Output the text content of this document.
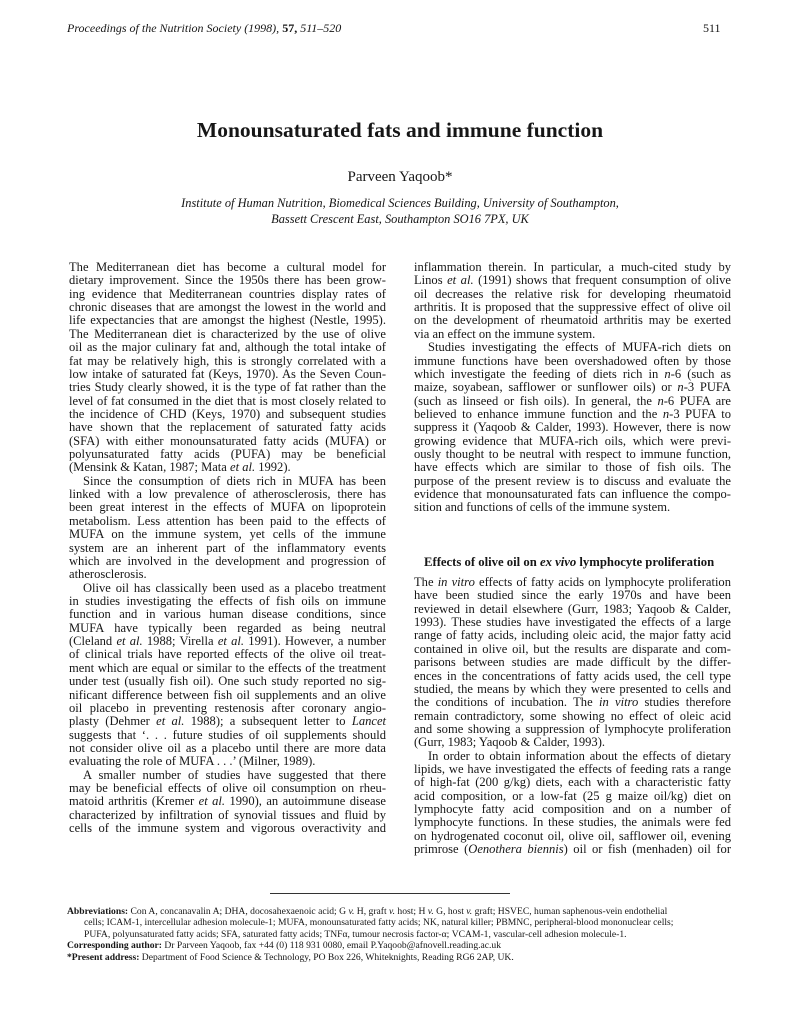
Proceedings of the Nutrition Society (1998), 57, 511–520	511
Monounsaturated fats and immune function
Parveen Yaqoob*
Institute of Human Nutrition, Biomedical Sciences Building, University of Southampton,
Bassett Crescent East, Southampton SO16 7PX, UK
The Mediterranean diet has become a cultural model for
dietary improvement. Since the 1950s there has been grow-
ing evidence that Mediterranean countries display rates of
chronic diseases that are amongst the lowest in the world and
life expectancies that are amongst the highest (Nestle, 1995).
The Mediterranean diet is characterized by the use of olive
oil as the major culinary fat and, although the total intake of
fat may be relatively high, this is strongly correlated with a
low intake of saturated fat (Keys, 1970). As the Seven Coun-
tries Study clearly showed, it is the type of fat rather than the
level of fat consumed in the diet that is most closely related to
the incidence of CHD (Keys, 1970) and subsequent studies
have shown that the replacement of saturated fatty acids
(SFA) with either monounsaturated fatty acids (MUFA) or
polyunsaturated fatty acids (PUFA) may be beneficial
(Mensink & Katan, 1987; Mata et al. 1992).
Since the consumption of diets rich in MUFA has been
linked with a low prevalence of atherosclerosis, there has
been great interest in the effects of MUFA on lipoprotein
metabolism. Less attention has been paid to the effects of
MUFA on the immune system, yet cells of the immune
system are an inherent part of the inflammatory events
which are involved in the development and progression of
atherosclerosis.
Olive oil has classically been used as a placebo treatment
in studies investigating the effects of fish oils on immune
function and in various human disease conditions, since
MUFA have typically been regarded as being neutral
(Cleland et al. 1988; Virella et al. 1991). However, a number
of clinical trials have reported effects of the olive oil treat-
ment which are equal or similar to the effects of the treatment
under test (usually fish oil). One such study reported no sig-
nificant difference between fish oil supplements and an olive
oil placebo in preventing restenosis after coronary angio-
plasty (Dehmer et al. 1988); a subsequent letter to Lancet
suggests that ‘. . . future studies of oil supplements should
not consider olive oil as a placebo until there are more data
evaluating the role of MUFA . . .’ (Milner, 1989).
A smaller number of studies have suggested that there
may be beneficial effects of olive oil consumption on rheu-
matoid arthritis (Kremer et al. 1990), an autoimmune disease
characterized by infiltration of synovial tissues and fluid by
cells of the immune system and vigorous overactivity and
inflammation therein. In particular, a much-cited study by
Linos et al. (1991) shows that frequent consumption of olive
oil decreases the relative risk for developing rheumatoid
arthritis. It is proposed that the suppressive effect of olive oil
on the development of rheumatoid arthritis may be exerted
via an effect on the immune system.
Studies investigating the effects of MUFA-rich diets on
immune functions have been overshadowed often by those
which investigate the feeding of diets rich in n-6 (such as
maize, soyabean, safflower or sunflower oils) or n-3 PUFA
(such as linseed or fish oils). In general, the n-6 PUFA are
believed to enhance immune function and the n-3 PUFA to
suppress it (Yaqoob & Calder, 1993). However, there is now
growing evidence that MUFA-rich oils, which were previ-
ously thought to be neutral with respect to immune function,
have effects which are similar to those of fish oils. The
purpose of the present review is to discuss and evaluate the
evidence that monounsaturated fats can influence the compo-
sition and functions of cells of the immune system.
Effects of olive oil on ex vivo lymphocyte proliferation
The in vitro effects of fatty acids on lymphocyte proliferation
have been studied since the early 1970s and have been
reviewed in detail elsewhere (Gurr, 1983; Yaqoob & Calder,
1993). These studies have investigated the effects of a large
range of fatty acids, including oleic acid, the major fatty acid
contained in olive oil, but the results are disparate and com-
parisons between studies are made difficult by the differ-
ences in the concentrations of fatty acids used, the cell type
studied, the means by which they were presented to cells and
the conditions of incubation. The in vitro studies therefore
remain contradictory, some showing no effect of oleic acid
and some showing a suppression of lymphocyte proliferation
(Gurr, 1983; Yaqoob & Calder, 1993).
In order to obtain information about the effects of dietary
lipids, we have investigated the effects of feeding rats a range
of high-fat (200 g/kg) diets, each with a characteristic fatty
acid composition, or a low-fat (25 g maize oil/kg) diet on
lymphocyte fatty acid composition and on a number of
lymphocyte functions. In these studies, the animals were fed
on hydrogenated coconut oil, olive oil, safflower oil, evening
primrose (Oenothera biennis) oil or fish (menhaden) oil for
Abbreviations: Con A, concanavalin A; DHA, docosahexaenoic acid; G v. H, graft v. host; H v. G, host v. graft; HSVEC, human saphenous-vein endothelial
cells; ICAM-1, intercellular adhesion molecule-1; MUFA, monounsaturated fatty acids; NK, natural killer; PBMNC, peripheral-blood mononuclear cells;
PUFA, polyunsaturated fatty acids; SFA, saturated fatty acids; TNFα, tumour necrosis factor-α; VCAM-1, vascular-cell adhesion molecule-1.
Corresponding author: Dr Parveen Yaqoob, fax +44 (0) 118 931 0080, email P.Yaqoob@afnovell.reading.ac.uk
*Present address: Department of Food Science & Technology, PO Box 226, Whiteknights, Reading RG6 2AP, UK.
